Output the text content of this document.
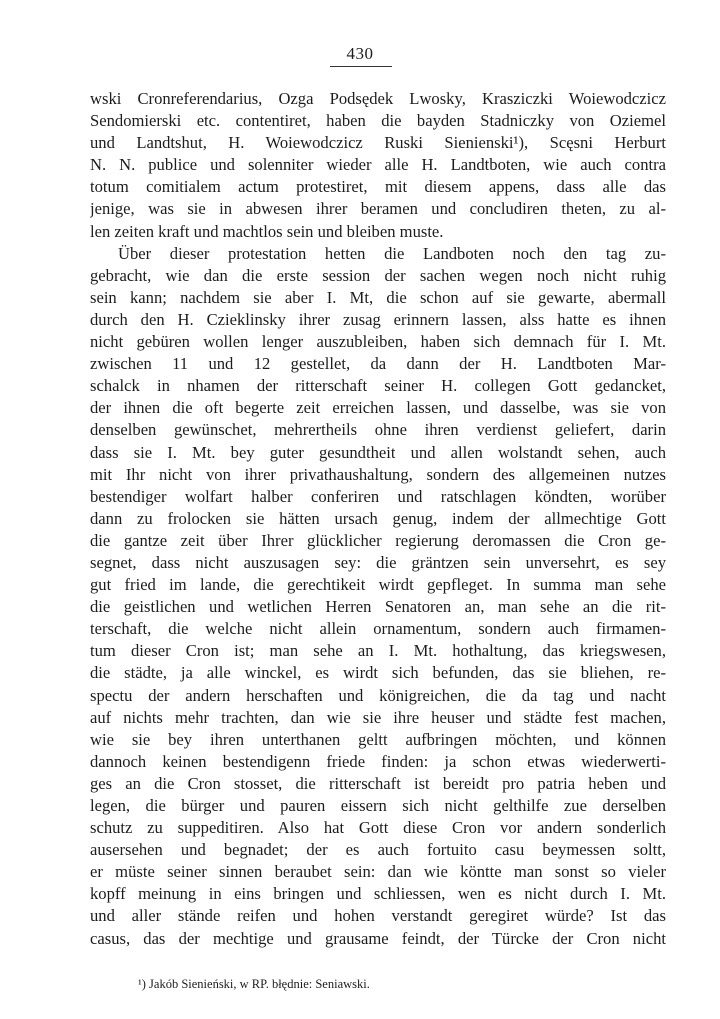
430
wski Cronreferendarius, Ozga Podsędek Lwosky, Krasziczki Woiewodczicz
Sendomierski etc. contentiret, haben die bayden Stadniczky von Oziemel
und Landtshut, H. Woiewodczicz Ruski Sienienski¹), Scęsni Herburt
N. N. publice und solenniter wieder alle H. Landtboten, wie auch contra
totum comitialem actum protestiret, mit diesem appens, dass alle das
jenige, was sie in abwesen ihrer beramen und concludiren theten, zu al-
len zeiten kraft und machtlos sein und bleiben muste.
Über dieser protestation hetten die Landboten noch den tag zu-
gebracht, wie dan die erste session der sachen wegen noch nicht ruhig
sein kann; nachdem sie aber I. Mt, die schon auf sie gewarte, abermall
durch den H. Cziеklinsky ihrer zusag erinnern lassen, alss hatte es ihnen
nicht gebüren wollen lenger auszubleiben, haben sich demnach für I. Mt.
zwischen 11 und 12 gestellet, da dann der H. Landtboten Mar-
schalck in nhamen der ritterschaft seiner H. collegen Gott gedancket,
der ihnen die oft begerte zeit erreichen lassen, und dasselbe, was sie von
denselben gewünschet, mehrertheils ohne ihren verdienst geliefert, darin
dass sie I. Mt. bey guter gesundtheit und allen wolstandt sehen, auch
mit Ihr nicht von ihrer privathaushaltung, sondern des allgemeinen nutzes
bestendiger wolfart halber conferiren und ratschlagen köndten, worüber
dann zu frolocken sie hätten ursach genug, indem der allmechtige Gott
die gantze zeit über Ihrer glücklicher regierung deromassen die Cron ge-
segnet, dass nicht auszusagen sey: die gräntzen sein unversehrt, es sey
gut fried im lande, die gerechtikeit wirdt gepfleget. In summa man sehe
die geistlichen und wetlichen Herren Senatoren an, man sehe an die rit-
terschaft, die welche nicht allein ornamentum, sondern auch firmamen-
tum dieser Cron ist; man sehe an I. Mt. hothaltung, das kriegswesen,
die städte, ja alle winckel, es wirdt sich befunden, das sie bliehen, re-
spectu der andern herschaften und königreichen, die da tag und nacht
auf nichts mehr trachten, dan wie sie ihre heuser und städte fest machen,
wie sie bey ihren unterthanen geltt aufbringen möchten, und können
dannoch keinen bestendigenn friede finden: ja schon etwas wiederwerti-
ges an die Cron stosset, die ritterschaft ist bereidt pro patria heben und
legen, die bürger und pauren eissern sich nicht gelthilfe zue derselben
schutz zu suppeditiren. Also hat Gott diese Cron vor andern sonderlich
ausersehen und begnadet; der es auch fortuito casu beymessen soltt,
er müste seiner sinnen beraubet sein: dan wie köntte man sonst so vieler
kopff meinung in eins bringen und schliessen, wen es nicht durch I. Mt.
und aller stände reifen und hohen verstandt geregiret würde? Ist das
casus, das der mechtige und grausame feindt, der Türcke der Cron nicht
¹) Jakób Sienieński, w RP. błędnie: Seniawski.
